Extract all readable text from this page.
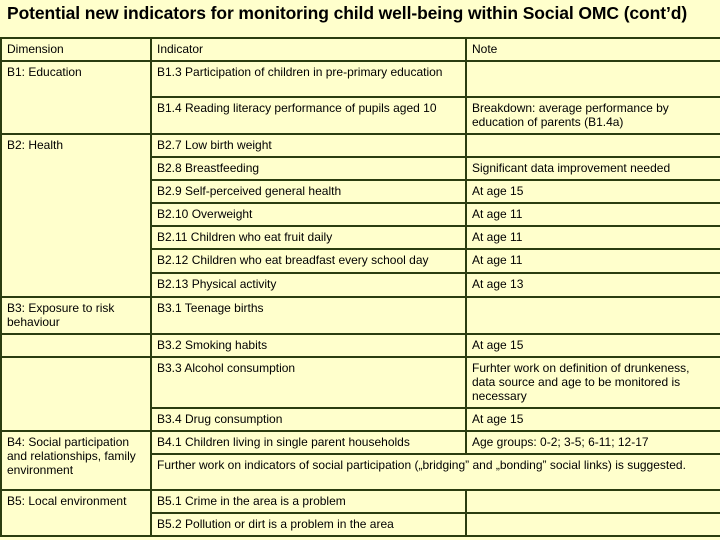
Potential new indicators for monitoring child well-being within Social OMC (cont’d)
Dimension	Indicator	Note
B1: Education	B1.3 Participation of children in pre-primary education	
	B1.4 Reading literacy performance of pupils aged 10	Breakdown: average performance by education of parents (B1.4a)
B2: Health	B2.7 Low birth weight	
	B2.8 Breastfeeding	Significant data improvement needed
	B2.9 Self-perceived general health	At age 15
	B2.10 Overweight	At age 11
	B2.11 Children who eat fruit daily	At age 11
	B2.12 Children who eat breadfast every school day	At age 11
	B2.13 Physical activity	At age 13
B3: Exposure to risk behaviour	B3.1 Teenage births	
	B3.2 Smoking habits	At age 15
	B3.3 Alcohol consumption	Furhter work on definition of drunkeness, data source and age to be monitored is necessary
	B3.4 Drug consumption	At age 15
B4: Social participation and relationships, family environment	B4.1 Children living in single parent households	Age groups: 0-2; 3-5; 6-11; 12-17
	Further work on indicators of social participation („bridging” and „bonding” social links) is suggested.	
B5: Local environment	B5.1 Crime in the area is a problem	
	B5.2 Pollution or dirt is a problem in the area	
